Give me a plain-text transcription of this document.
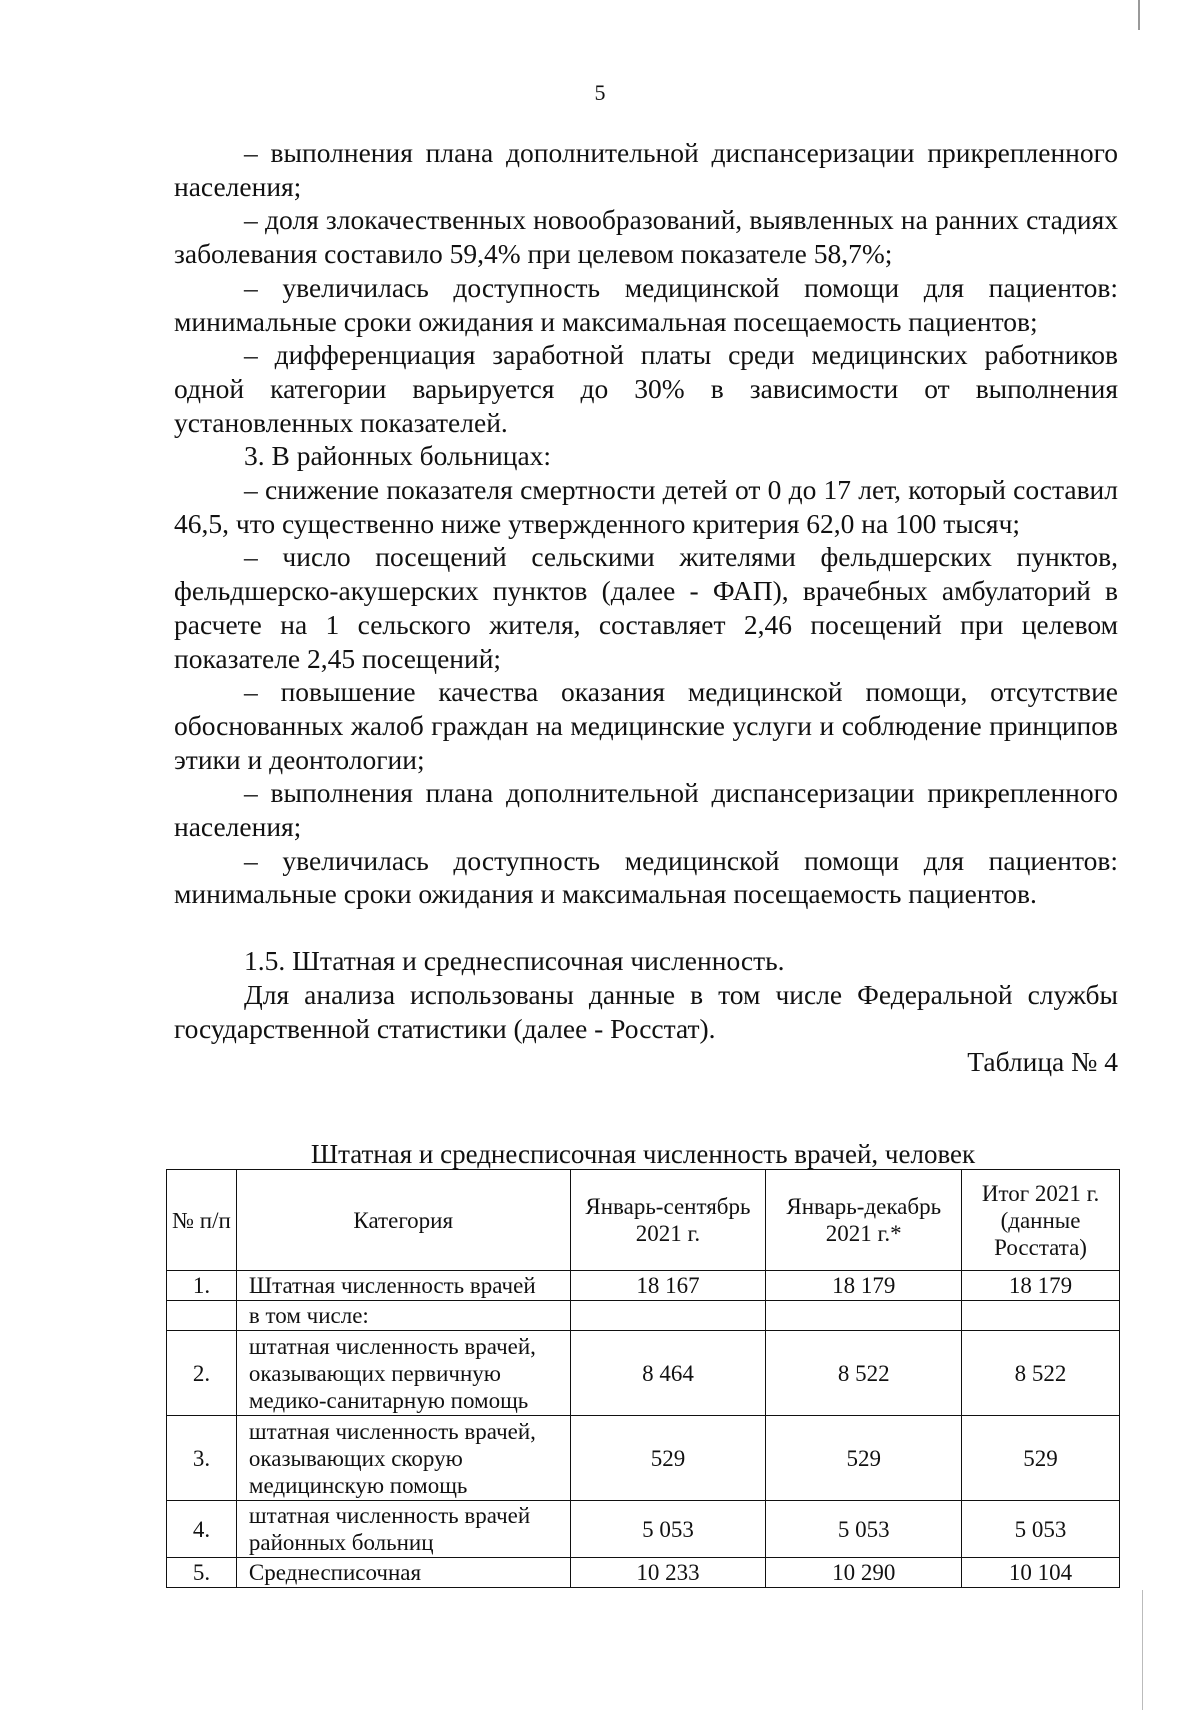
5

– выполнения плана дополнительной диспансеризации прикрепленного населения;

– доля злокачественных новообразований, выявленных на ранних стадиях заболевания составило 59,4% при целевом показателе 58,7%;

– увеличилась доступность медицинской помощи для пациентов: минимальные сроки ожидания и максимальная посещаемость пациентов;

– дифференциация заработной платы среди медицинских работников одной категории варьируется до 30% в зависимости от выполнения установленных показателей.

3. В районных больницах:

– снижение показателя смертности детей от 0 до 17 лет, который составил 46,5, что существенно ниже утвержденного критерия 62,0 на 100 тысяч;

– число посещений сельскими жителями фельдшерских пунктов, фельдшерско-акушерских пунктов (далее - ФАП), врачебных амбулаторий в расчете на 1 сельского жителя, составляет 2,46 посещений при целевом показателе 2,45 посещений;

– повышение качества оказания медицинской помощи, отсутствие обоснованных жалоб граждан на медицинские услуги и соблюдение принципов этики и деонтологии;

– выполнения плана дополнительной диспансеризации прикрепленного населения;

– увеличилась доступность медицинской помощи для пациентов: минимальные сроки ожидания и максимальная посещаемость пациентов.

1.5. Штатная и среднесписочная численность.

Для анализа использованы данные в том числе Федеральной службы государственной статистики (далее - Росстат).

Таблица № 4

Штатная и среднесписочная численность врачей, человек
№ п/п	Категория	Январь-сентябрь 2021 г.	Январь-декабрь 2021 г.*	Итог 2021 г. (данные Росстата)
1.	Штатная численность врачей	18 167	18 179	18 179
	в том числе:			
2.	штатная численность врачей, оказывающих первичную медико-санитарную помощь	8 464	8 522	8 522
3.	штатная численность врачей, оказывающих скорую медицинскую помощь	529	529	529
4.	штатная численность врачей районных больниц	5 053	5 053	5 053
5.	Среднесписочная	10 233	10 290	10 104
